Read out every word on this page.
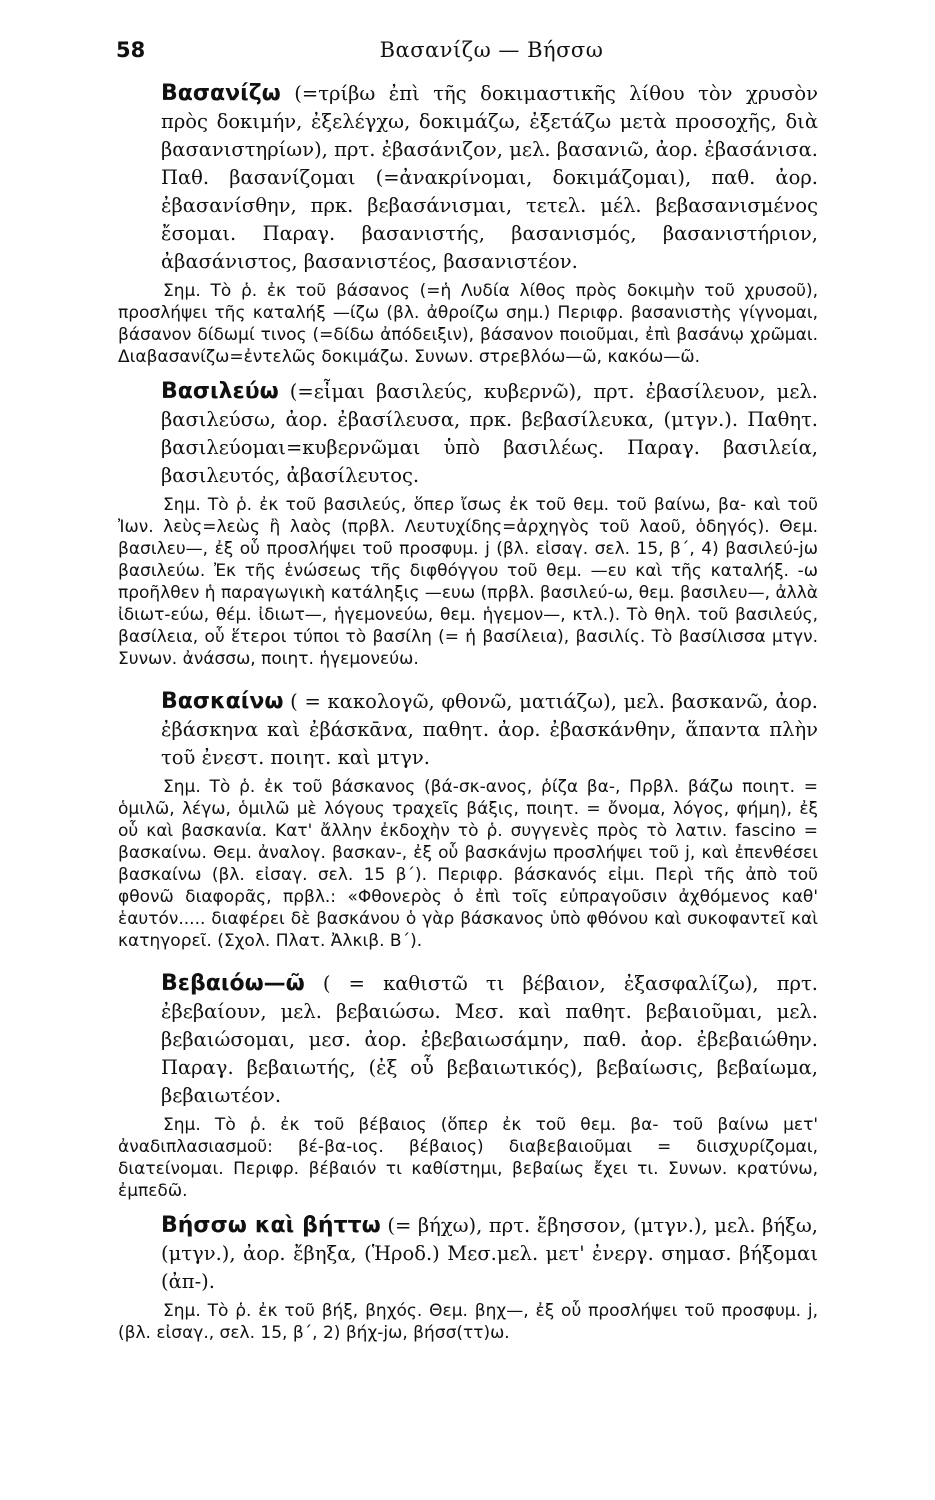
58	Βασανίζω — Βήσσω

Βασανίζω (=τρίβω ἐπὶ τῆς δοκιμαστικῆς λίθου τὸν χρυσὸν πρὸς δοκιμήν, ἐξελέγχω, δοκιμάζω, ἐξετάζω μετὰ προσοχῆς, διὰ βασανιστηρίων), πρτ. ἐβασάνιζον, μελ. βασανιῶ, ἀορ. ἐβασάνισα. Παθ. βασανίζομαι (=ἀνακρίνομαι, δοκιμάζομαι), παθ. ἀορ. ἐβασανίσθην, πρκ. βεβασάνισμαι, τετελ. μέλ. βεβασανισμένος ἔσομαι. Παραγ. βασανιστής, βασανισμός, βασανιστήριον, ἀβασάνιστος, βασανιστέος, βασανιστέον.

Σημ. Τὸ ῥ. ἐκ τοῦ βάσανος (=ἡ Λυδία λίθος πρὸς δοκιμὴν τοῦ χρυσοῦ), προσλήψει τῆς καταλήξ —ίζω (βλ. ἀθροίζω σημ.) Περιφρ. βασανιστὴς γίγνομαι, βάσανον δίδωμί τινος (=δίδω ἀπόδειξιν), βάσανον ποιοῦμαι, ἐπὶ βασάνῳ χρῶμαι. Διαβασανίζω=ἐντελῶς δοκιμάζω. Συνων. στρεβλόω—ῶ, κακόω—ῶ.

Βασιλεύω (=εἶμαι βασιλεύς, κυβερνῶ), πρτ. ἐβασίλευον, μελ. βασιλεύσω, ἀορ. ἐβασίλευσα, πρκ. βεβασίλευκα, (μτγν.). Παθητ. βασιλεύομαι=κυβερνῶμαι ὑπὸ βασιλέως. Παραγ. βασιλεία, βασιλευτός, ἀβασίλευτος.

Σημ. Τὸ ῥ. ἐκ τοῦ βασιλεύς, ὅπερ ἴσως ἐκ τοῦ θεμ. τοῦ βαίνω, βα- καὶ τοῦ Ἰων. λεὺς=λεὼς ἢ λαὸς (πρβλ. Λευτυχίδης=ἀρχηγὸς τοῦ λαοῦ, ὁδηγός). Θεμ. βασιλευ—, ἐξ οὗ προσλήψει τοῦ προσφυμ. j (βλ. εἰσαγ. σελ. 15, β΄, 4) βασιλεύ-jω βασιλεύω. Ἐκ τῆς ἑνώσεως τῆς διφθόγγου τοῦ θεμ. —ευ καὶ τῆς καταλήξ. -ω προῆλθεν ἡ παραγωγικὴ κατάληξις —ευω (πρβλ. βασιλεύ-ω, θεμ. βασιλευ—, ἀλλὰ ἰδιωτ-εύω, θέμ. ἰδιωτ—, ἡγεμονεύω, θεμ. ἡγεμον—, κτλ.). Τὸ θηλ. τοῦ βασιλεύς, βασίλεια, οὗ ἕτεροι τύποι τὸ βασίλη (= ἡ βασίλεια), βασιλίς. Τὸ βασίλισσα μτγν. Συνων. ἀνάσσω, ποιητ. ἡγεμονεύω.

Βασκαίνω ( = κακολογῶ, φθονῶ, ματιάζω), μελ. βασκανῶ, ἀορ. ἐβάσκηνα καὶ ἐβάσκᾱνα, παθητ. ἀορ. ἐβασκάνθην, ἅπαντα πλὴν τοῦ ἐνεστ. ποιητ. καὶ μτγν.

Σημ. Τὸ ῥ. ἐκ τοῦ βάσκανος (βά-σκ-ανος, ῥίζα βα-, Πρβλ. βάζω ποιητ. = ὁμιλῶ, λέγω, ὁμιλῶ μὲ λόγους τραχεῖς βάξις, ποιητ. = ὄνομα, λόγος, φήμη), ἐξ οὗ καὶ βασκανία. Κατ' ἄλλην ἐκδοχὴν τὸ ῥ. συγγενὲς πρὸς τὸ λατιν. fascino = βασκαίνω. Θεμ. ἀναλογ. βασκαν-, ἐξ οὗ βασκάνjω προσλήψει τοῦ j, καὶ ἐπενθέσει βασκαίνω (βλ. εἰσαγ. σελ. 15 β΄). Περιφρ. βάσκανός εἰμι. Περὶ τῆς ἀπὸ τοῦ φθονῶ διαφορᾶς, πρβλ.: «Φθονερὸς ὁ ἐπὶ τοῖς εὐπραγοῦσιν ἀχθόμενος καθ' ἑαυτόν..... διαφέρει δὲ βασκάνου ὁ γὰρ βάσκανος ὑπὸ φθόνου καὶ συκοφαντεῖ καὶ κατηγορεῖ. (Σχολ. Πλατ. Ἀλκιβ. Β΄).

Βεβαιόω—ῶ ( = καθιστῶ τι βέβαιον, ἐξασφαλίζω), πρτ. ἐβεβαίουν, μελ. βεβαιώσω. Μεσ. καὶ παθητ. βεβαιοῦμαι, μελ. βεβαιώσομαι, μεσ. ἀορ. ἐβεβαιωσάμην, παθ. ἀορ. ἐβεβαιώθην. Παραγ. βεβαιωτής, (ἐξ οὗ βεβαιωτικός), βεβαίωσις, βεβαίωμα, βεβαιωτέον.

Σημ. Τὸ ῥ. ἐκ τοῦ βέβαιος (ὅπερ ἐκ τοῦ θεμ. βα- τοῦ βαίνω μετ' ἀναδιπλασιασμοῦ: βέ-βα-ιος. βέβαιος) διαβεβαιοῦμαι = διισχυρίζομαι, διατείνομαι. Περιφρ. βέβαιόν τι καθίστημι, βεβαίως ἔχει τι. Συνων. κρατύνω, ἐμπεδῶ.

Βήσσω καὶ βήττω (= βήχω), πρτ. ἔβησσον, (μτγν.), μελ. βήξω, (μτγν.), ἀορ. ἔβηξα, (Ἡροδ.) Μεσ.μελ. μετ' ἐνεργ. σημασ. βήξομαι (ἀπ-).

Σημ. Τὸ ῥ. ἐκ τοῦ βήξ, βηχός. Θεμ. βηχ—, ἐξ οὗ προσλήψει τοῦ προσφυμ. j, (βλ. εἰσαγ., σελ. 15, β΄, 2) βήχ-jω, βήσσ(ττ)ω.
